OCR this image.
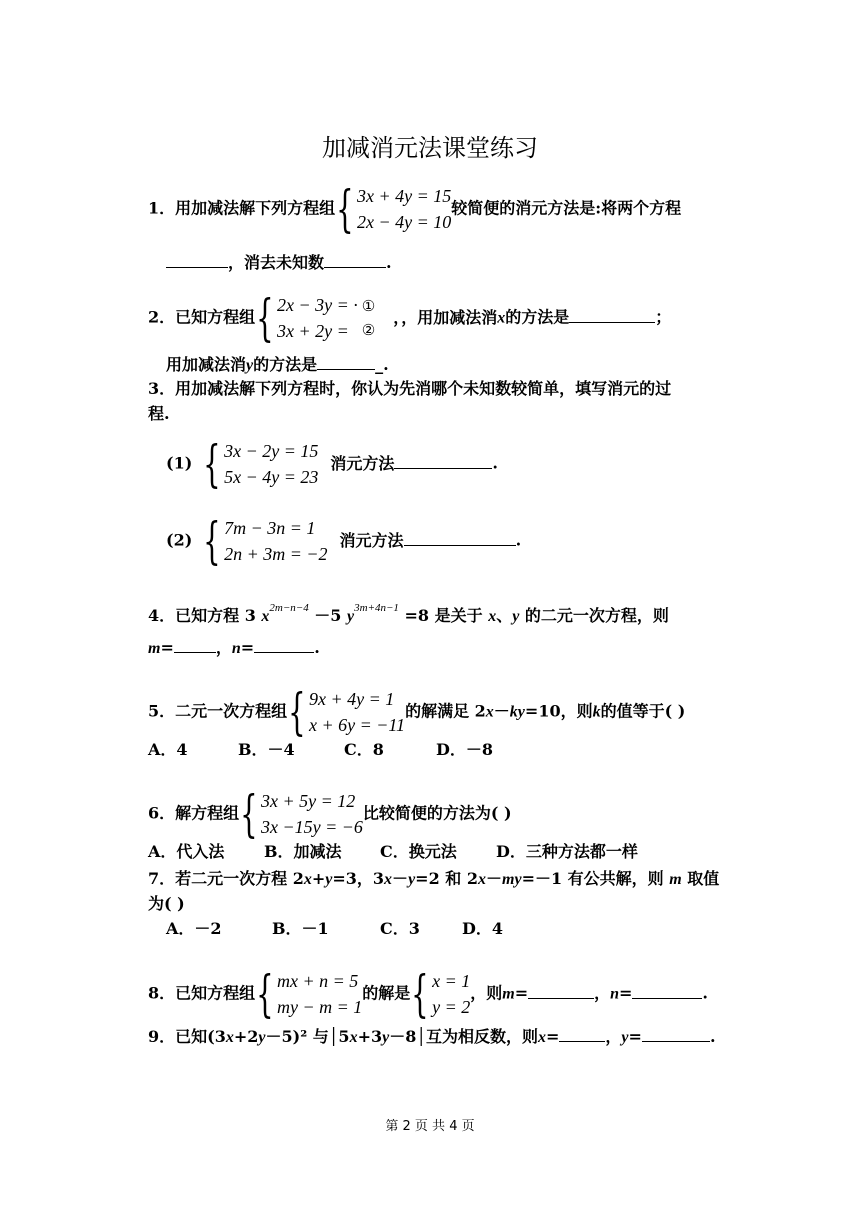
加减消元法课堂练习
1．用加减法解下列方程组 { 3x + 4y = 15
2x − 4y = 10
较简便的消元方法是:将两个方程
，消去未知数	.
2．已知方程组 { 2x − 3y = ·
3x + 2y =
①
②
，，用加减法消x的方法是	；
用加减法消y的方法是	_.
3．用加减法解下列方程时，你认为先消哪个未知数较简单，填写消元的过
程.
(1) { 3x − 2y = 15
5x − 4y = 23
消元方法	.
(2) { 7m − 3n = 1
2n + 3m = −2
消元方法	.
4．已知方程 3 $x^{2m-n-4} -5$ $y^{3m+4n-1} =8$ 是关于 x、y 的二元一次方程，则
m=	，n=	.
5．二元一次方程组 { 9x + 4y = 1
x + 6y = −11
的解满足 2x－ky=10，则k的值等于( )
A．4	B．－4	C．8	D．－8
6．解方程组 { 3x + 5y = 12
3x −15y = −6
比较简便的方法为( )
A．代入法 B．加减法 C．换元法 D．三种方法都一样
7．若二元一次方程 2x+y=3，3x－y=2 和 2x－my=－1 有公共解，则 m 取值
为( )
A．－2	B．－1	C．3	D．4
8．已知方程组 { mx + n = 5
my − m = 1
的解是 { x = 1
y = 2
，则m=	，n=	.
9．已知(3x+2y－5)² 与│5x+3y－8│互为相反数，则x=	，y=	.
第 2 页 共 4 页
